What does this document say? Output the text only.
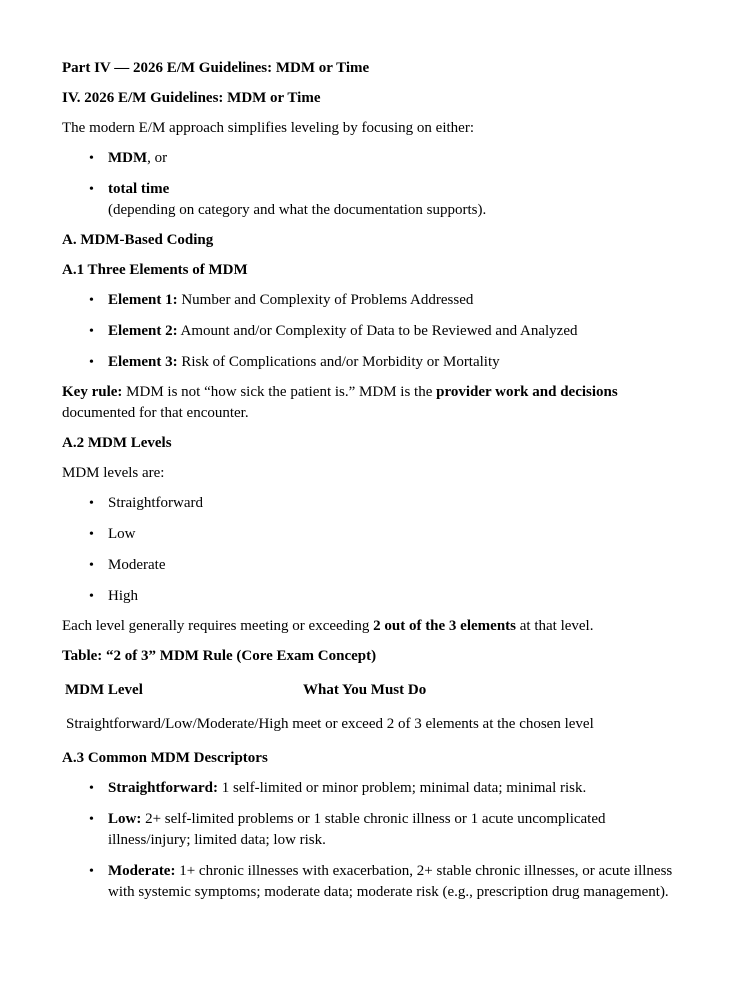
Part IV — 2026 E/M Guidelines: MDM or Time

IV. 2026 E/M Guidelines: MDM or Time

The modern E/M approach simplifies leveling by focusing on either:

• MDM, or
• total time
(depending on category and what the documentation supports).

A. MDM-Based Coding

A.1 Three Elements of MDM

• Element 1: Number and Complexity of Problems Addressed
• Element 2: Amount and/or Complexity of Data to be Reviewed and Analyzed
• Element 3: Risk of Complications and/or Morbidity or Mortality

Key rule: MDM is not “how sick the patient is.” MDM is the provider work and decisions documented for that encounter.

A.2 MDM Levels

MDM levels are:

• Straightforward
• Low
• Moderate
• High

Each level generally requires meeting or exceeding 2 out of the 3 elements at that level.

Table: “2 of 3” MDM Rule (Core Exam Concept)

MDM Level	What You Must Do

Straightforward/Low/Moderate/High meet or exceed 2 of 3 elements at the chosen level

A.3 Common MDM Descriptors

• Straightforward: 1 self-limited or minor problem; minimal data; minimal risk.
• Low: 2+ self-limited problems or 1 stable chronic illness or 1 acute uncomplicated illness/injury; limited data; low risk.
• Moderate: 1+ chronic illnesses with exacerbation, 2+ stable chronic illnesses, or acute illness with systemic symptoms; moderate data; moderate risk (e.g., prescription drug management).
